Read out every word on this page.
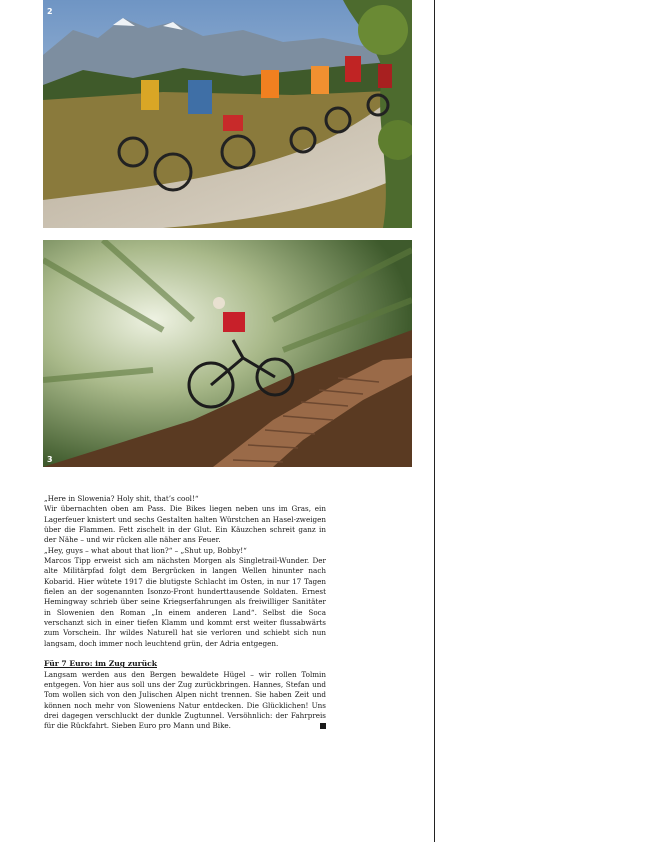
2
3

„Here in Slowenia? Holy shit, that’s cool!“

Wir übernachten oben am Pass. Die Bikes liegen neben uns im Gras, ein Lagerfeuer knistert und sechs Gestalten halten Würstchen an Hasel-zweigen über die Flammen. Fett zischelt in der Glut. Ein Käuzchen schreit ganz in der Nähe – und wir rücken alle näher ans Feuer.

„Hey, guys – what about that lion?“ – „Shut up, Bobby!“

Marcos Tipp erweist sich am nächsten Morgen als Singletrail-Wunder. Der alte Militärpfad folgt dem Bergrücken in langen Wellen hinunter nach Kobarid. Hier wütete 1917 die blutigste Schlacht im Osten, in nur 17 Tagen fielen an der sogenannten Isonzo-Front hunderttausende Soldaten. Ernest Hemingway schrieb über seine Kriegserfahrungen als freiwilliger Sanitäter in Slowenien den Roman „In einem anderen Land“. Selbst die Soca verschanzt sich in einer tiefen Klamm und kommt erst weiter flussabwärts zum Vorschein. Ihr wildes Naturell hat sie verloren und schiebt sich nun langsam, doch immer noch leuchtend grün, der Adria entgegen.

Für 7 Euro: im Zug zurück

Langsam werden aus den Bergen bewaldete Hügel – wir rollen Tolmin entgegen. Von hier aus soll uns der Zug zurückbringen. Hannes, Stefan und Tom wollen sich von den Julischen Alpen nicht trennen. Sie haben Zeit und können noch mehr von Sloweniens Natur entdecken. Die Glücklichen! Uns drei dagegen verschluckt der dunkle Zugtunnel. Versöhnlich: der Fahrpreis für die Rückfahrt. Sieben Euro pro Mann und Bike.
